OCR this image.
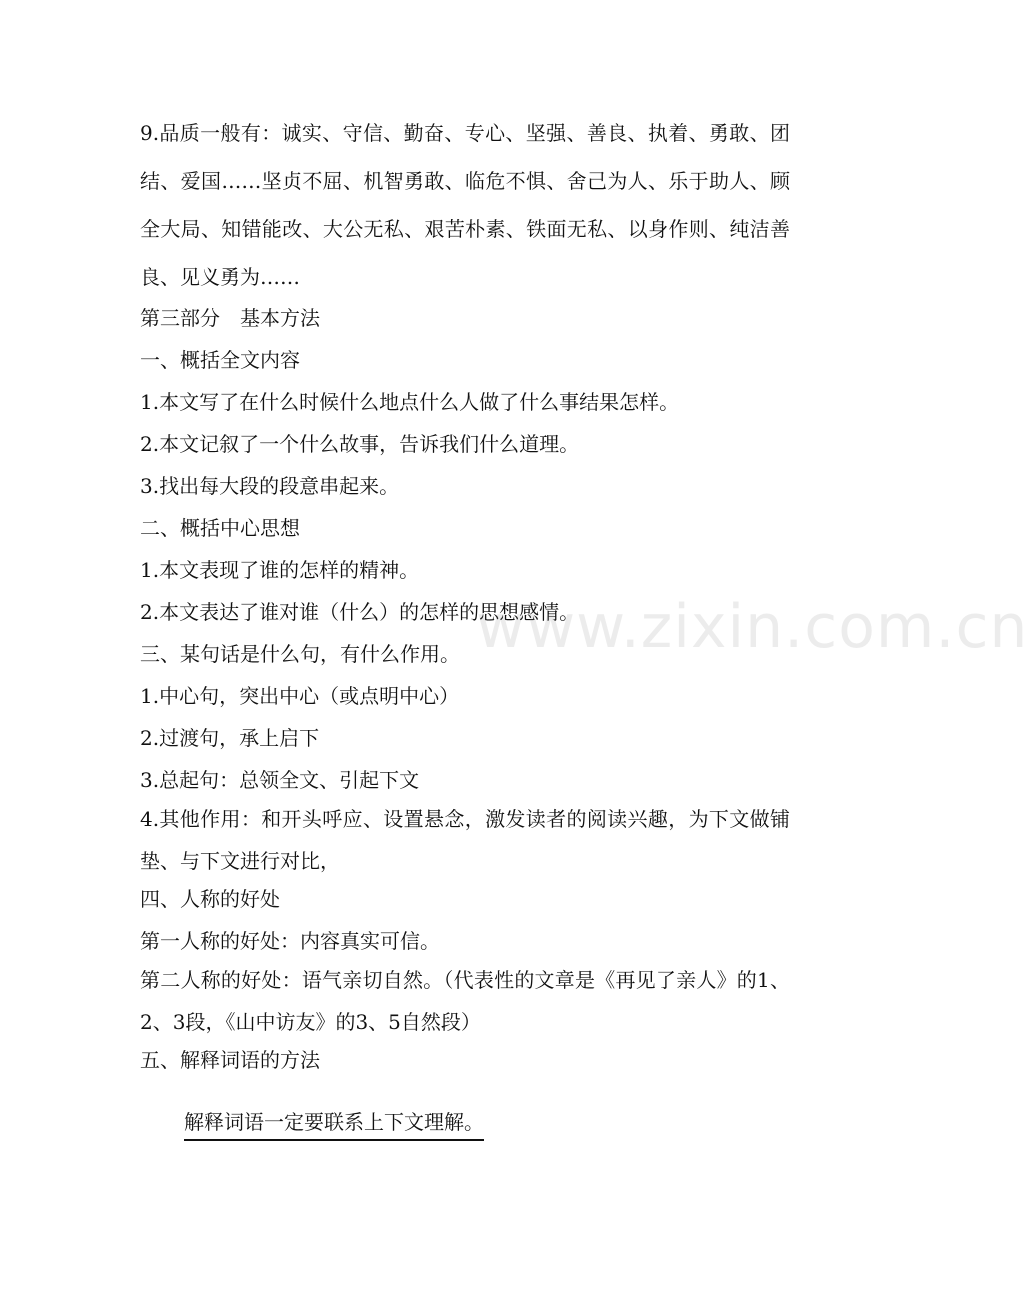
9.品质一般有：诚实、守信、勤奋、专心、坚强、善良、执着、勇敢、团结、爱国……坚贞不屈、机智勇敢、临危不惧、舍己为人、乐于助人、顾全大局、知错能改、大公无私、艰苦朴素、铁面无私、以身作则、纯洁善良、见义勇为……

第三部分　基本方法
一、概括全文内容
1.本文写了在什么时候什么地点什么人做了什么事结果怎样。
2.本文记叙了一个什么故事，告诉我们什么道理。
3.找出每大段的段意串起来。
二、概括中心思想
1.本文表现了谁的怎样的精神。
2.本文表达了谁对谁（什么）的怎样的思想感情。
三、某句话是什么句，有什么作用。
1.中心句，突出中心（或点明中心）
2.过渡句，承上启下
3.总起句：总领全文、引起下文

4.其他作用：和开头呼应、设置悬念，激发读者的阅读兴趣，为下文做铺垫、与下文进行对比，

四、人称的好处
第一人称的好处：内容真实可信。

第二人称的好处：语气亲切自然。（代表性的文章是《再见了亲人》的1、2、3段，《山中访友》的3、5自然段）

五、解释词语的方法
解释词语一定要联系上下文理解。
www.zixin.com.cn
